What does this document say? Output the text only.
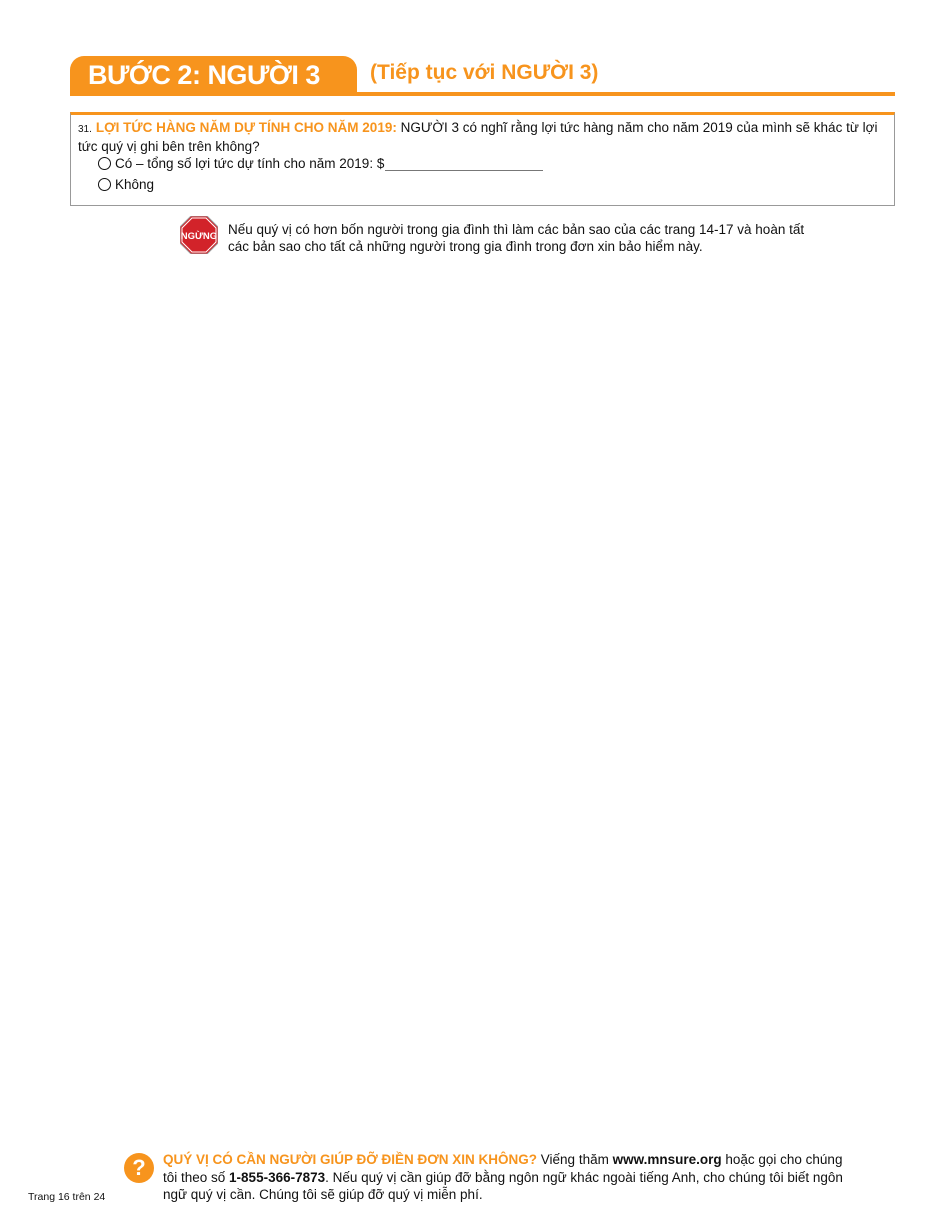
BƯỚC 2: NGƯỜI 3 (Tiếp tục với NGƯỜI 3)
31. LỢI TỨC HÀNG NĂM DỰ TÍNH CHO NĂM 2019: NGƯỜI 3 có nghĩ rằng lợi tức hàng năm cho năm 2019 của mình sẽ khác từ lợi tức quý vị ghi bên trên không?
Có – tổng số lợi tức dự tính cho năm 2019: $
Không
NGỪNG Nếu quý vị có hơn bốn người trong gia đình thì làm các bản sao của các trang 14-17 và hoàn tất các bản sao cho tất cả những người trong gia đình trong đơn xin bảo hiểm này.
?	QUÝ VỊ CÓ CẦN NGƯỜI GIÚP ĐỠ ĐIỀN ĐƠN XIN KHÔNG? Viếng thăm www.mnsure.org hoặc gọi cho chúng tôi theo số 1-855-366-7873. Nếu quý vị cần giúp đỡ bằng ngôn ngữ khác ngoài tiếng Anh, cho chúng tôi biết ngôn ngữ quý vị cần. Chúng tôi sẽ giúp đỡ quý vị miễn phí.
Trang 16 trên 24
